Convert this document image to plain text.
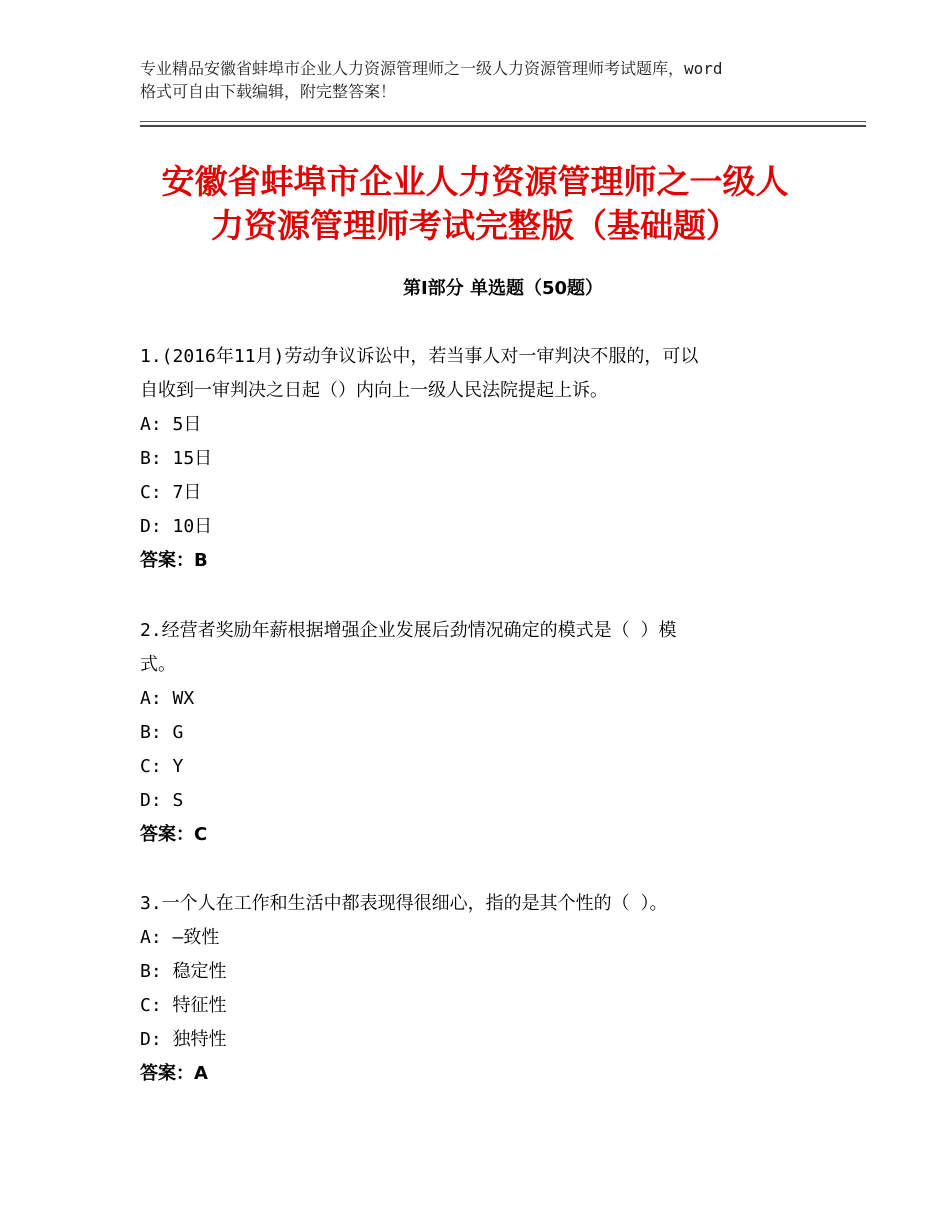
专业精品安徽省蚌埠市企业人力资源管理师之一级人力资源管理师考试题库，word
格式可自由下载编辑，附完整答案！
安徽省蚌埠市企业人力资源管理师之一级人
力资源管理师考试完整版（基础题）
第Ⅰ部分 单选题（50题）
1.(2016年11月)劳动争议诉讼中，若当事人对一审判决不服的，可以
自收到一审判决之日起（）内向上一级人民法院提起上诉。
A: 5日
B: 15日
C: 7日
D: 10日
答案：B
2.经营者奖励年薪根据增强企业发展后劲情况确定的模式是（ ）模
式。
A: WX
B: G
C: Y
D: S
答案：C
3.一个人在工作和生活中都表现得很细心，指的是其个性的（ ）。
A: —致性
B: 稳定性
C: 特征性
D: 独特性
答案：A
